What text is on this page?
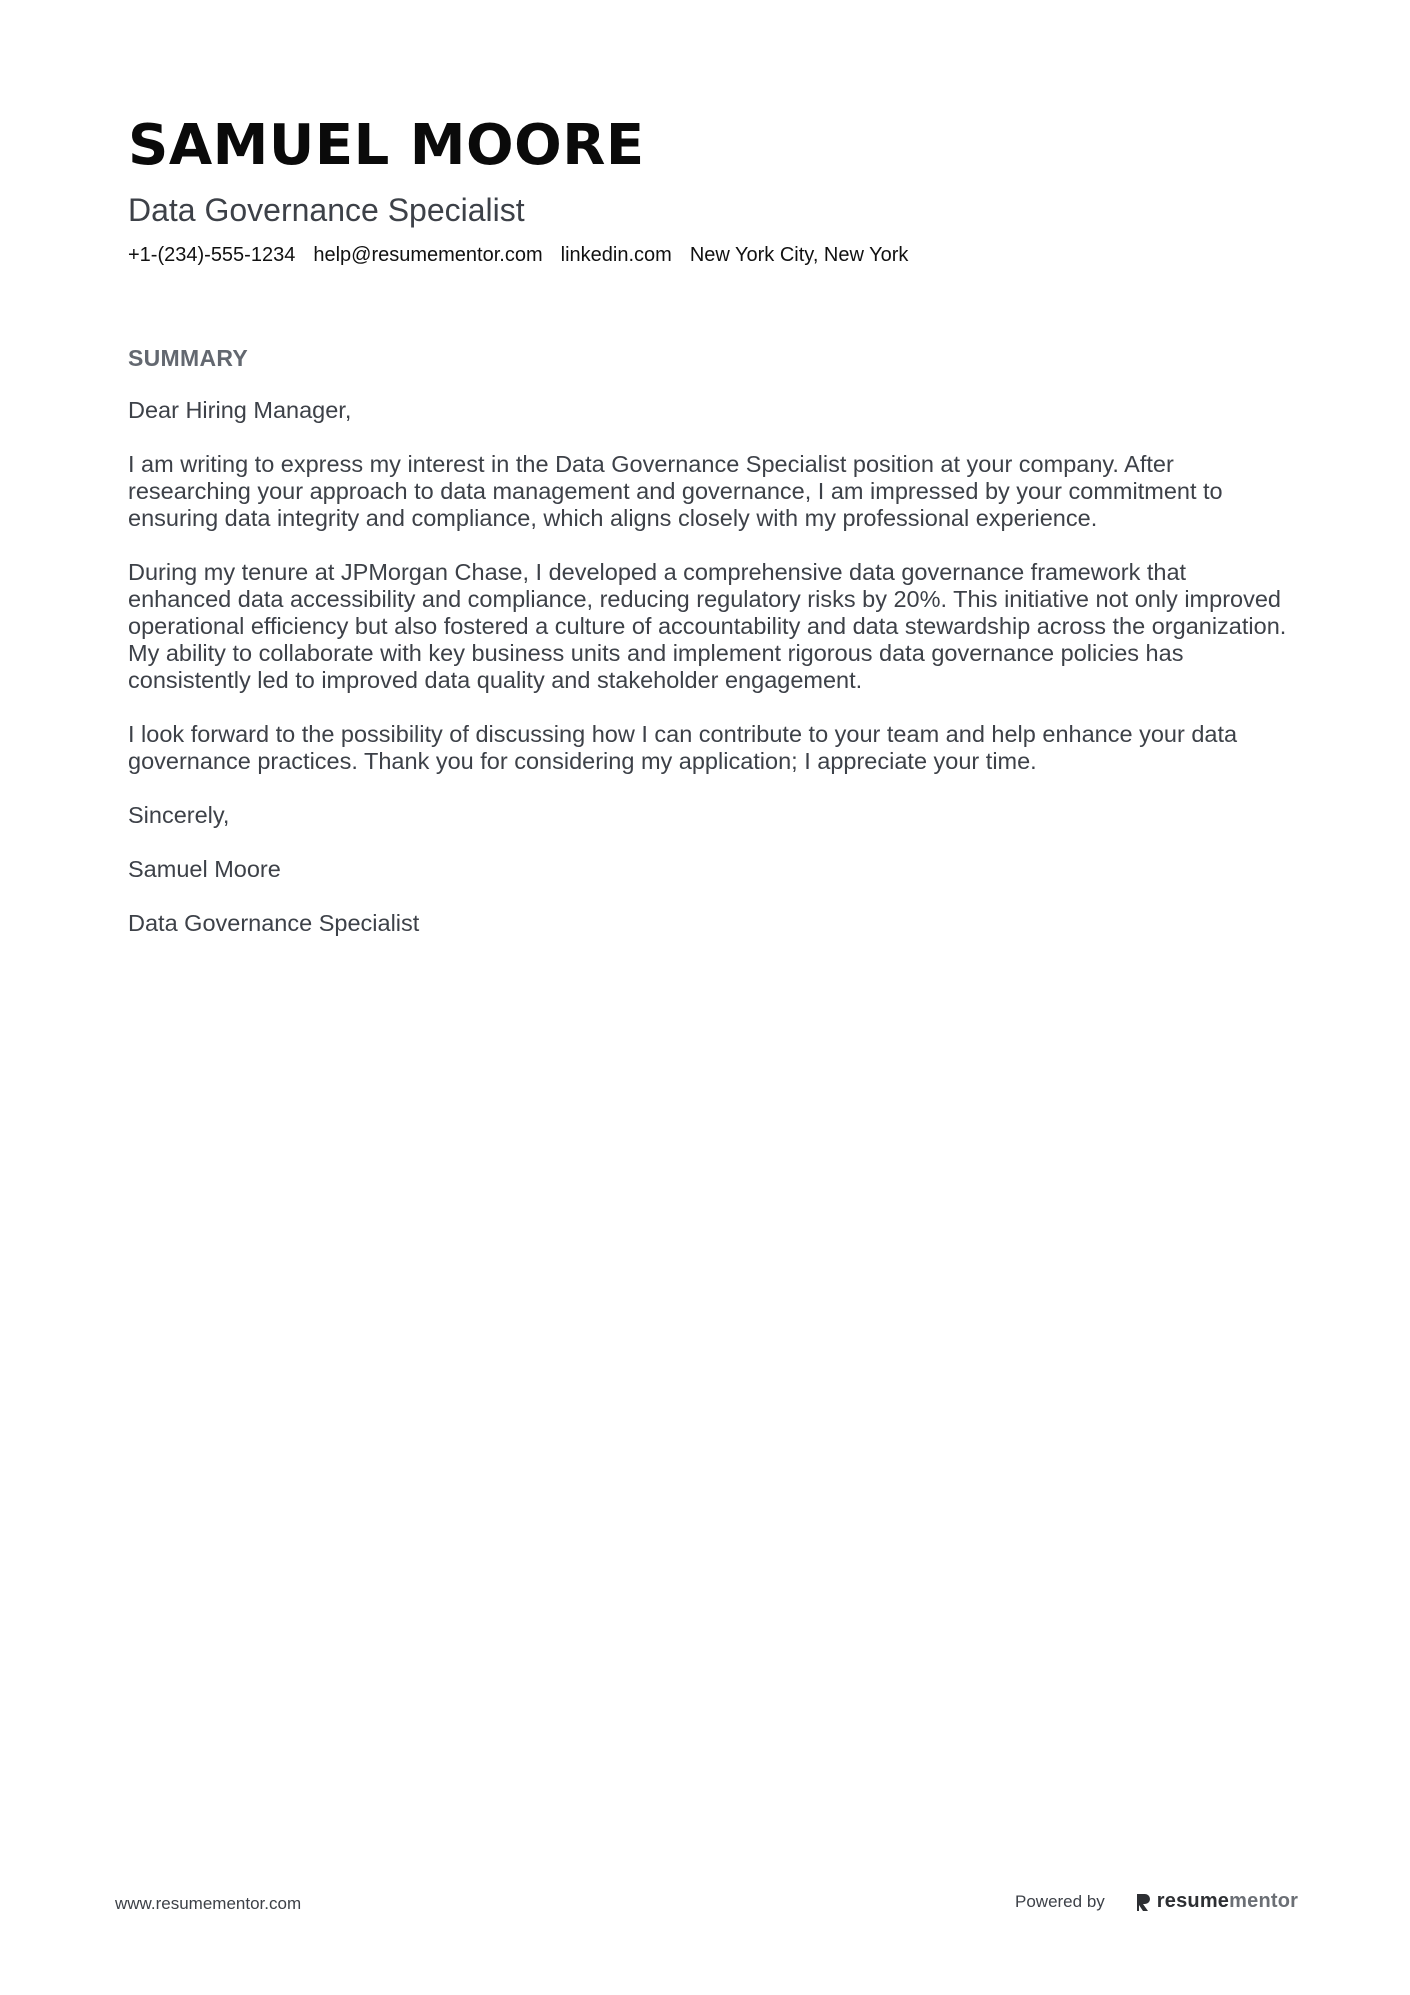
SAMUEL MOORE
Data Governance Specialist
+1-(234)-555-1234 help@resumementor.com linkedin.com New York City, New York
SUMMARY

Dear Hiring Manager,

I am writing to express my interest in the Data Governance Specialist position at your company. After researching your approach to data management and governance, I am impressed by your commitment to ensuring data integrity and compliance, which aligns closely with my professional experience.

During my tenure at JPMorgan Chase, I developed a comprehensive data governance framework that enhanced data accessibility and compliance, reducing regulatory risks by 20%. This initiative not only improved operational efficiency but also fostered a culture of accountability and data stewardship across the organization. My ability to collaborate with key business units and implement rigorous data governance policies has consistently led to improved data quality and stakeholder engagement.

I look forward to the possibility of discussing how I can contribute to your team and help enhance your data governance practices. Thank you for considering my application; I appreciate your time.

Sincerely,

Samuel Moore

Data Governance Specialist

www.resumementor.com	Powered by	resumementor
